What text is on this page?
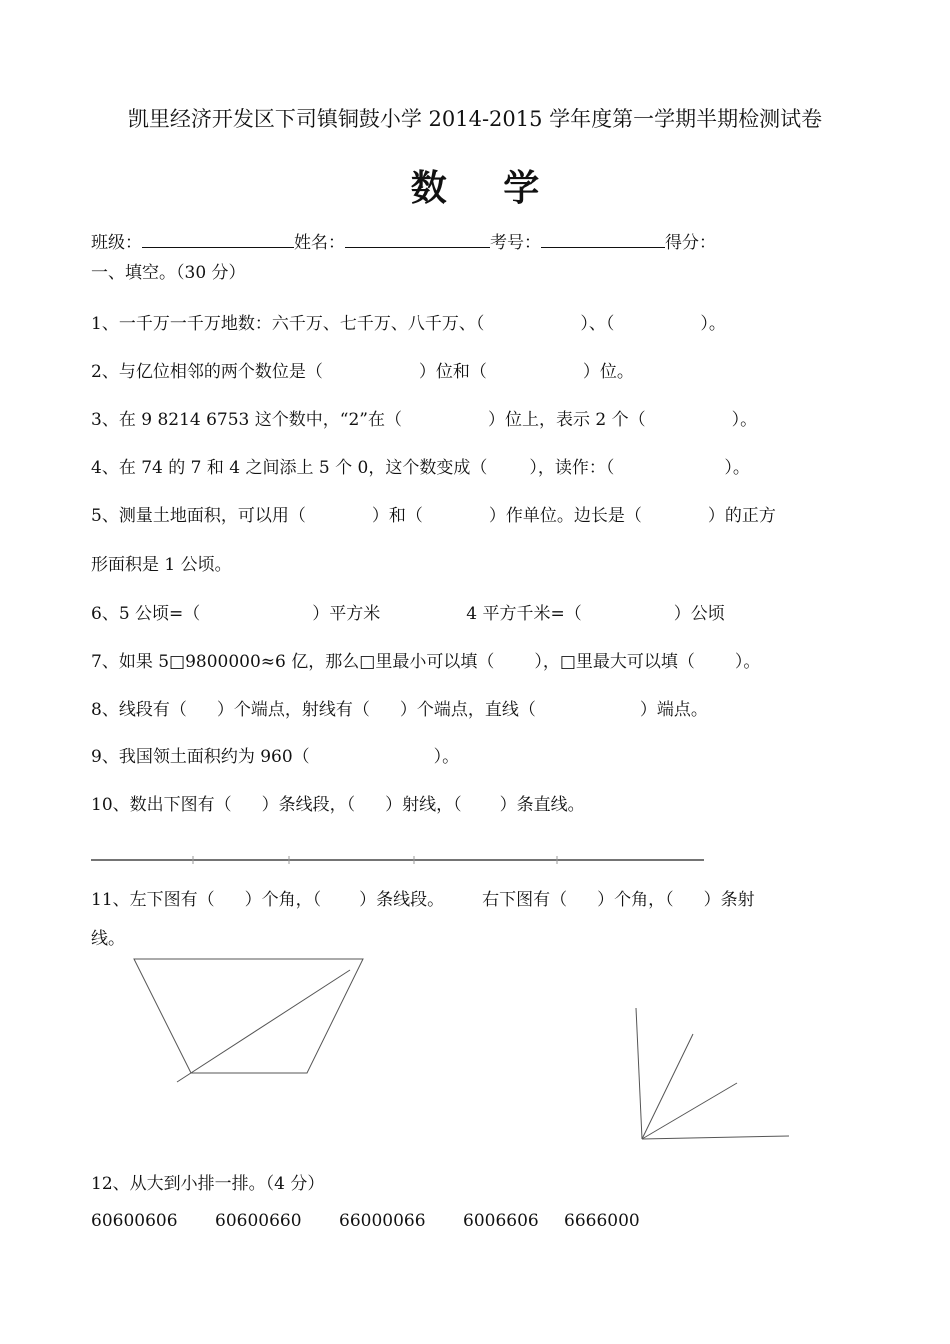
凯里经济开发区下司镇铜鼓小学 2014-2015 学年度第一学期半期检测试卷
数 学
班级：	姓名：	考号：	得分：
一、填空。（30 分）
1、一千万一千万地数：六千万、七千万、八千万、（	）、（	）。
2、与亿位相邻的两个数位是（	）位和（	）位。
3、在 9 8214 6753 这个数中，“2”在（	）位上，表示 2 个（	）。
4、在 74 的 7 和 4 之间添上 5 个 0，这个数变成（ ），读作：（	）。
5、测量土地面积，可以用（	）和（	）作单位。边长是（	）的正方
形面积是 1 公顷。
6、5 公顷=（	）平方米	4 平方千米=（	）公顷
7、如果 5□9800000≈6 亿，那么□里最小可以填（ ），□里最大可以填（ ）。
8、线段有（ ）个端点，射线有（ ）个端点，直线（	）端点。
9、我国领土面积约为 960（	）。
10、数出下图有（ ）条线段，（ ）射线，（ ）条直线。
11、左下图有（ ）个角，（ ）条线段。 右下图有（ ）个角，（ ）条射
线。
12、从大到小排一排。（4 分）
60600606 60600660 66000066 6006606 6666000
